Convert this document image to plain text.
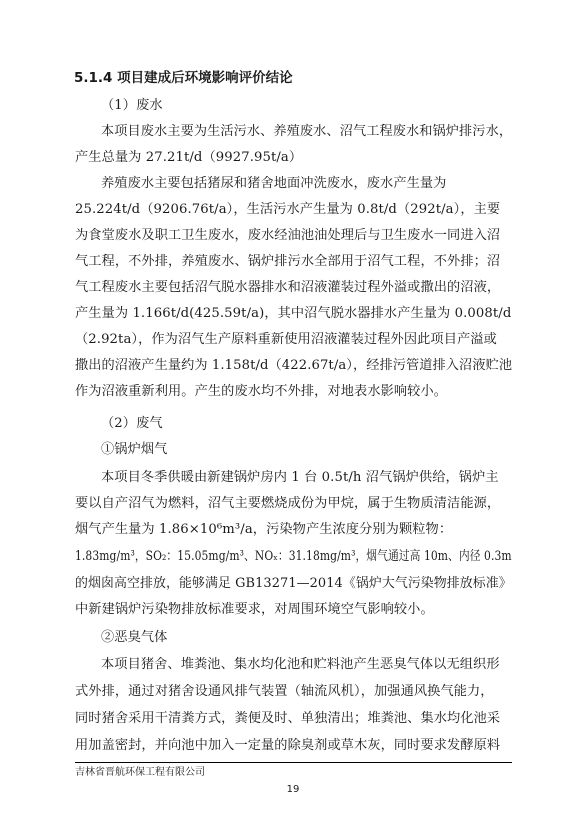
5.1.4 项目建成后环境影响评价结论
（1）废水
本项目废水主要为生活污水、养殖废水、沼气工程废水和锅炉排污水，
产生总量为 27.21t/d（9927.95t/a）
养殖废水主要包括猪尿和猪舍地面冲洗废水，废水产生量为
25.224t/d（9206.76t/a），生活污水产生量为 0.8t/d（292t/a），主要
为食堂废水及职工卫生废水，废水经油池油处理后与卫生废水一同进入沼
气工程，不外排，养殖废水、锅炉排污水全部用于沼气工程，不外排；沼
气工程废水主要包括沼气脱水器排水和沼液灌装过程外溢或撒出的沼液，
产生量为 1.166t/d(425.59t/a)，其中沼气脱水器排水产生量为 0.008t/d
（2.92ta），作为沼气生产原料重新使用沼液灌装过程外因此项目产溢或
撒出的沼液产生量约为 1.158t/d（422.67t/a），经排污管道排入沼液贮池
作为沼液重新利用。产生的废水均不外排，对地表水影响较小。
（2）废气
①锅炉烟气
本项目冬季供暖由新建锅炉房内 1 台 0.5t/h 沼气锅炉供给，锅炉主
要以自产沼气为燃料，沼气主要燃烧成份为甲烷，属于生物质清洁能源，
烟气产生量为 1.86×10⁶m³/a，污染物产生浓度分别为颗粒物：
1.83mg/m³，SO₂：15.05mg/m³、NOₓ：31.18mg/m³，烟气通过高 10m、内径 0.3m
的烟囱高空排放，能够满足 GB13271—2014《锅炉大气污染物排放标准》
中新建锅炉污染物排放标准要求，对周围环境空气影响较小。
②恶臭气体
本项目猪舍、堆粪池、集水均化池和贮料池产生恶臭气体以无组织形
式外排，通过对猪舍设通风排气装置（轴流风机），加强通风换气能力，
同时猪舍采用干清粪方式，粪便及时、单独清出；堆粪池、集水均化池采
用加盖密封，并向池中加入一定量的除臭剂或草木灰，同时要求发酵原料
吉林省晋航环保工程有限公司
19
